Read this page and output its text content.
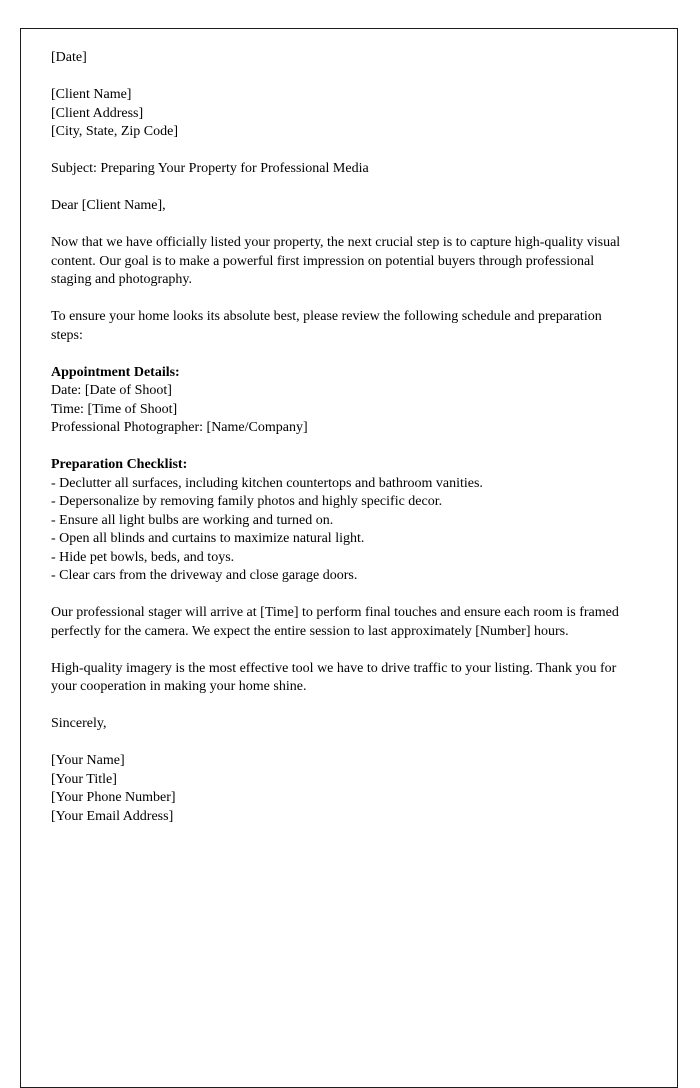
[Date]

[Client Name]

[Client Address]

[City, State, Zip Code]

Subject: Preparing Your Property for Professional Media

Dear [Client Name],

Now that we have officially listed your property, the next crucial step is to capture high-quality visual content. Our goal is to make a powerful first impression on potential buyers through professional staging and photography.

To ensure your home looks its absolute best, please review the following schedule and preparation steps:

Appointment Details:

Date: [Date of Shoot]

Time: [Time of Shoot]

Professional Photographer: [Name/Company]

Preparation Checklist:

- Declutter all surfaces, including kitchen countertops and bathroom vanities.

- Depersonalize by removing family photos and highly specific decor.

- Ensure all light bulbs are working and turned on.

- Open all blinds and curtains to maximize natural light.

- Hide pet bowls, beds, and toys.

- Clear cars from the driveway and close garage doors.

Our professional stager will arrive at [Time] to perform final touches and ensure each room is framed perfectly for the camera. We expect the entire session to last approximately [Number] hours.

High-quality imagery is the most effective tool we have to drive traffic to your listing. Thank you for your cooperation in making your home shine.

Sincerely,

[Your Name]

[Your Title]

[Your Phone Number]

[Your Email Address]
